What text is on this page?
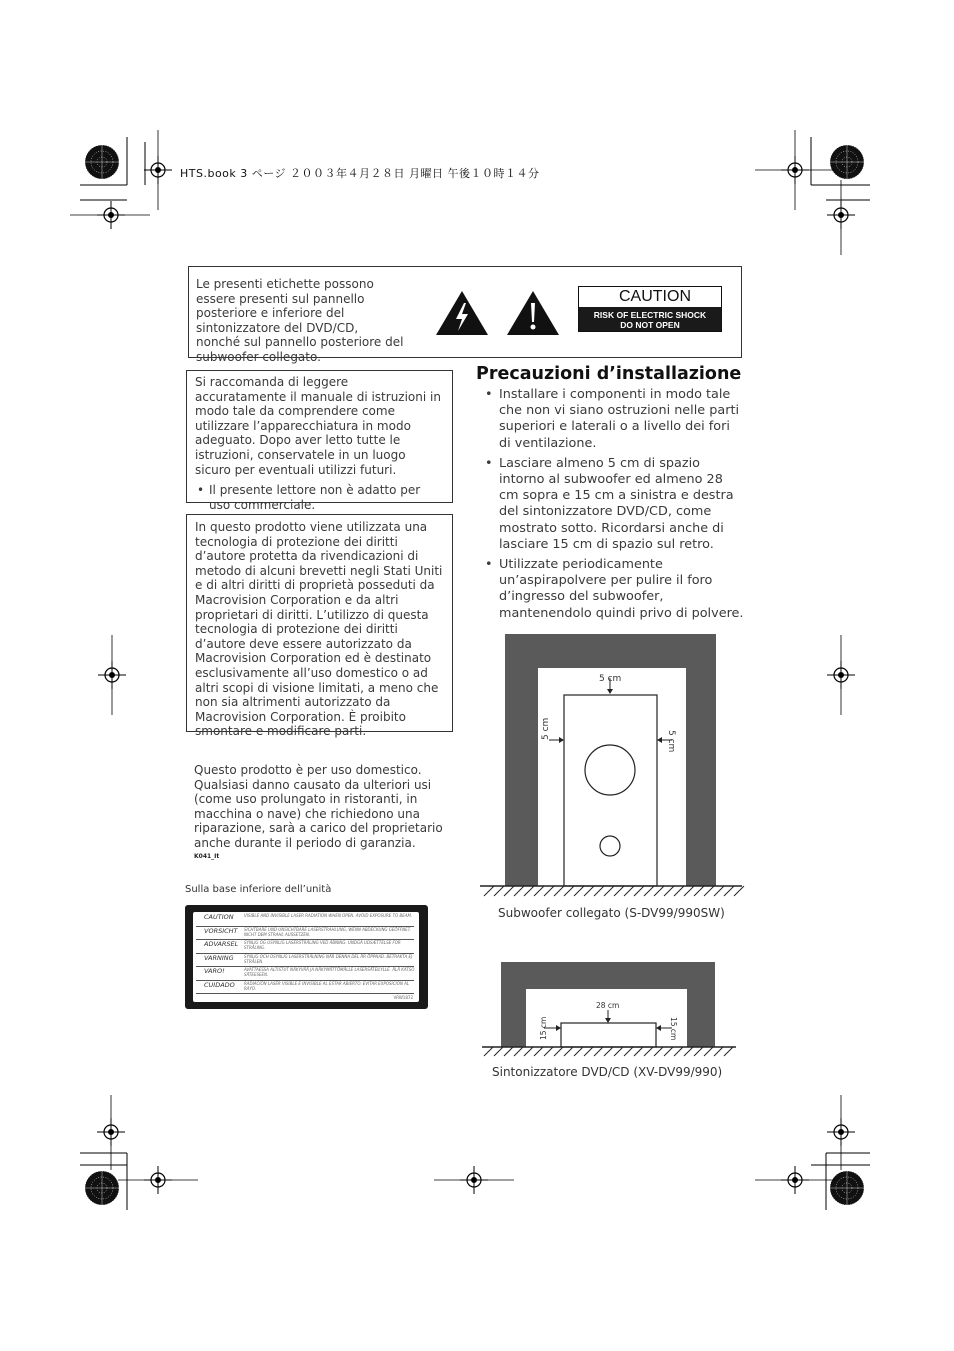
HTS.book 3 ページ ２００３年４月２８日 月曜日 午後１０時１４分
Le presenti etichette possono essere presenti sul pannello posteriore e inferiore del sintonizzatore del DVD/CD, nonché sul pannello posteriore del subwoofer collegato.
CAUTION
RISK OF ELECTRIC SHOCK
DO NOT OPEN

Si raccomanda di leggere accuratamente il manuale di istruzioni in modo tale da comprendere come utilizzare l’apparecchiatura in modo adeguato. Dopo aver letto tutte le istruzioni, conservatele in un luogo sicuro per eventuali utilizzi futuri.

• Il presente lettore non è adatto per uso commerciale.
In questo prodotto viene utilizzata una tecnologia di protezione dei diritti d’autore protetta da rivendicazioni di metodo di alcuni brevetti negli Stati Uniti e di altri diritti di proprietà posseduti da Macrovision Corporation e da altri proprietari di diritti. L’utilizzo di questa tecnologia di protezione dei diritti d’autore deve essere autorizzato da Macrovision Corporation ed è destinato esclusivamente all’uso domestico o ad altri scopi di visione limitati, a meno che non sia altrimenti autorizzato da Macrovision Corporation. È proibito smontare e modificare parti.
Questo prodotto è per uso domestico. Qualsiasi danno causato da ulteriori usi (come uso prolungato in ristoranti, in macchina o nave) che richiedono una riparazione, sarà a carico del proprietario anche durante il periodo di garanzia.
K041_It
Sulla base inferiore dell’unità
CAUTION	VISIBLE AND INVISIBLE LASER RADIATION WHEN OPEN. AVOID EXPOSURE TO BEAM.
VORSICHT SICHTBARE UND UNSICHTBARE LASERSTRAHLUNG, WENN ABDECKUNG GEÖFFNET. NICHT DEM STRAHL AUSSETZEN.
ADVARSEL SYNLIG OG USYNLIG LASERSTRÅLING VED ÅBNING. UNDGÅ UDSÆTTELSE FOR STRÅLING.
VARNING	SYNLIG OCH OSYNLIG LASERSTRÅLNING NÄR DENNA DEL ÄR ÖPPNAD. BETRAKTA EJ STRÅLEN.
VARO!	AVATTAESSA ALTISTUT NÄKYVÄÄ JA NÄKYMÄTTÖMÄLLE LASERSÄTEILYLLE. ÄLÄ KATSO SÄTEESEEN.
CUIDADO RADIACIÓN LASER VISIBLE E INVISIBLE AL ESTAR ABIERTO. EVITAR EXPOSICIÓN AL RAYO.
VRW1872
Precauzioni d’installazione
• Installare i componenti in modo tale che non vi siano ostruzioni nelle parti superiori e laterali o a livello dei fori di ventilazione.
• Lasciare almeno 5 cm di spazio intorno al subwoofer ed almeno 28 cm sopra e 15 cm a sinistra e destra del sintonizzatore DVD/CD, come mostrato sotto. Ricordarsi anche di lasciare 15 cm di spazio sul retro.
• Utilizzate periodicamente un’aspirapolvere per pulire il foro d’ingresso del subwoofer, mantenendolo quindi privo di polvere.
5 cm
5 cm
5 cm
Subwoofer collegato (S-DV99/990SW)
28 cm
15 cm	15 cm
Sintonizzatore DVD/CD (XV-DV99/990)
